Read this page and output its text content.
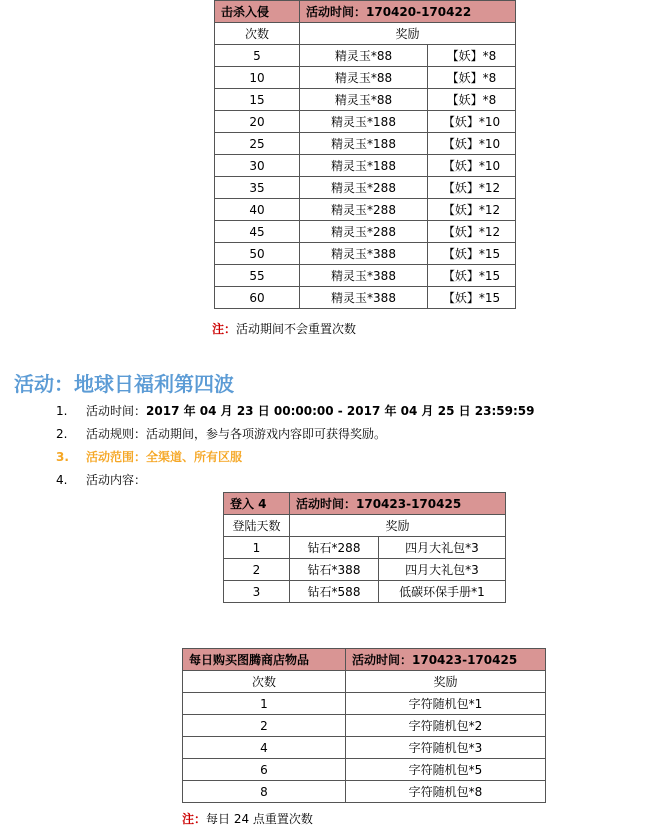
击杀入侵	活动时间：170420-170422	
次数	奖励	
5	精灵玉*88	【妖】*8
10	精灵玉*88	【妖】*8
15	精灵玉*88	【妖】*8
20	精灵玉*188	【妖】*10
25	精灵玉*188	【妖】*10
30	精灵玉*188	【妖】*10
35	精灵玉*288	【妖】*12
40	精灵玉*288	【妖】*12
45	精灵玉*288	【妖】*12
50	精灵玉*388	【妖】*15
55	精灵玉*388	【妖】*15
60	精灵玉*388	【妖】*15
注：活动期间不会重置次数
活动：地球日福利第四波
1. 活动时间：2017 年 04 月 23 日 00:00:00 - 2017 年 04 月 25 日 23:59:59
2. 活动规则：活动期间，参与各项游戏内容即可获得奖励。
3. 活动范围：全渠道、所有区服
4. 活动内容：
登入 4	活动时间：170423-170425	
登陆天数	奖励	
1	钻石*288	四月大礼包*3
2	钻石*388	四月大礼包*3
3	钻石*588	低碳环保手册*1
每日购买图腾商店物品	活动时间：170423-170425
次数	奖励
1	字符随机包*1
2	字符随机包*2
4	字符随机包*3
6	字符随机包*5
8	字符随机包*8
注：每日 24 点重置次数
